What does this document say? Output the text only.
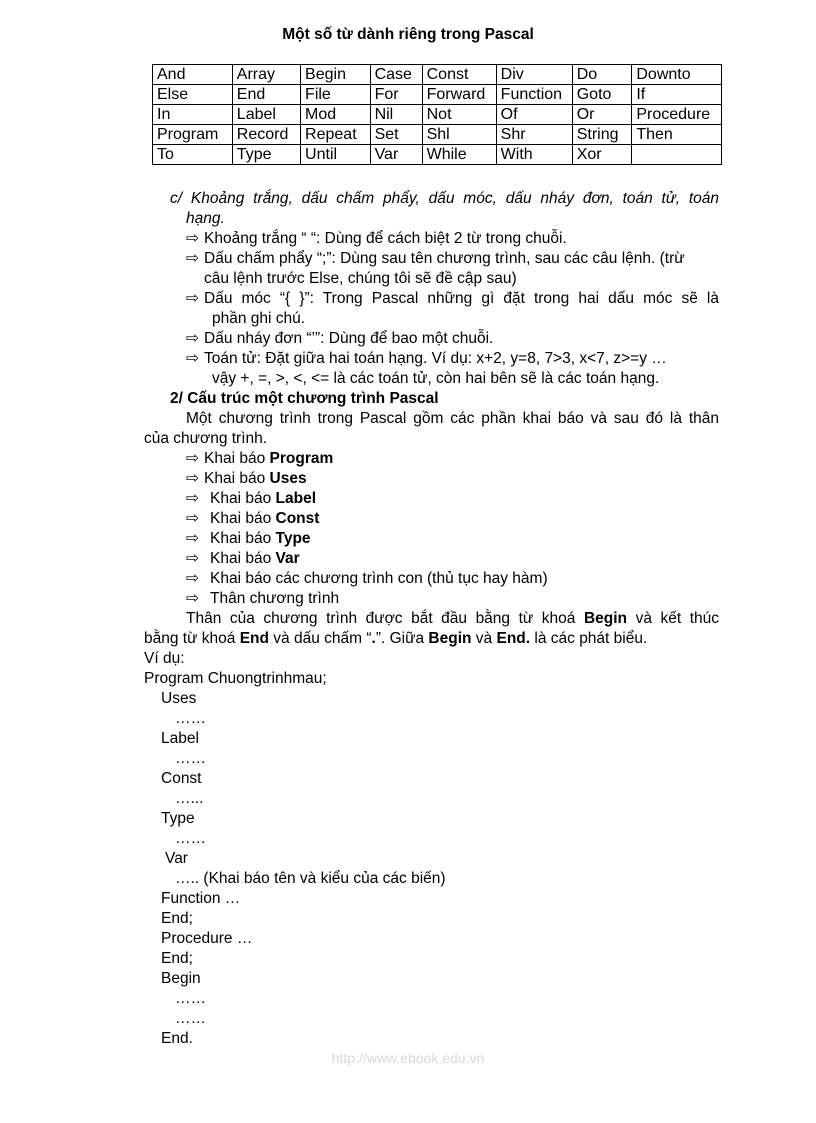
Một số từ dành riêng trong Pascal
And	Array	Begin	Case	Const	Div	Do	Downto
Else	End	File	For	Forward	Function	Goto	If
In	Label	Mod	Nil	Not	Of	Or	Procedure
Program	Record	Repeat	Set	Shl	Shr	String	Then
To	Type	Until	Var	While	With	Xor	
c/ Khoảng trắng, dấu chấm phẩy, dấu móc, dấu nháy đơn, toán tử, toán
hạng.
⇨ Khoảng trắng “ “: Dùng để cách biệt 2 từ trong chuỗi.
⇨ Dấu chấm phẩy “;”: Dùng sau tên chương trình, sau các câu lệnh. (trừ
câu lệnh trước Else, chúng tôi sẽ đề cập sau)
⇨ Dấu móc “{ }”: Trong Pascal những gì đặt trong hai dấu móc sẽ là
phần ghi chú.
⇨ Dấu nháy đơn “’”: Dùng để bao một chuỗi.
⇨ Toán tử: Đặt giữa hai toán hạng. Ví dụ: x+2, y=8, 7>3, x<7, z>=y …
vậy +, =, >, <, <= là các toán tử, còn hai bên sẽ là các toán hạng.
2/ Cấu trúc một chương trình Pascal
Một chương trình trong Pascal gồm các phần khai báo và sau đó là thân
của chương trình.
⇨ Khai báo Program
⇨ Khai báo Uses
⇨ Khai báo Label
⇨ Khai báo Const
⇨ Khai báo Type
⇨ Khai báo Var
⇨ Khai báo các chương trình con (thủ tục hay hàm)
⇨ Thân chương trình
Thân của chương trình được bắt đầu bằng từ khoá Begin và kết thúc
bằng từ khoá End và dấu chấm “.”. Giữa Begin và End. là các phát biểu.
Ví dụ:
Program Chuongtrinhmau;
Uses
……
Label
……
Const
…...
Type
……
Var
….. (Khai báo tên và kiểu của các biến)
Function …
End;
Procedure …
End;
Begin
……
……
End.
http://www.ebook.edu.vn
